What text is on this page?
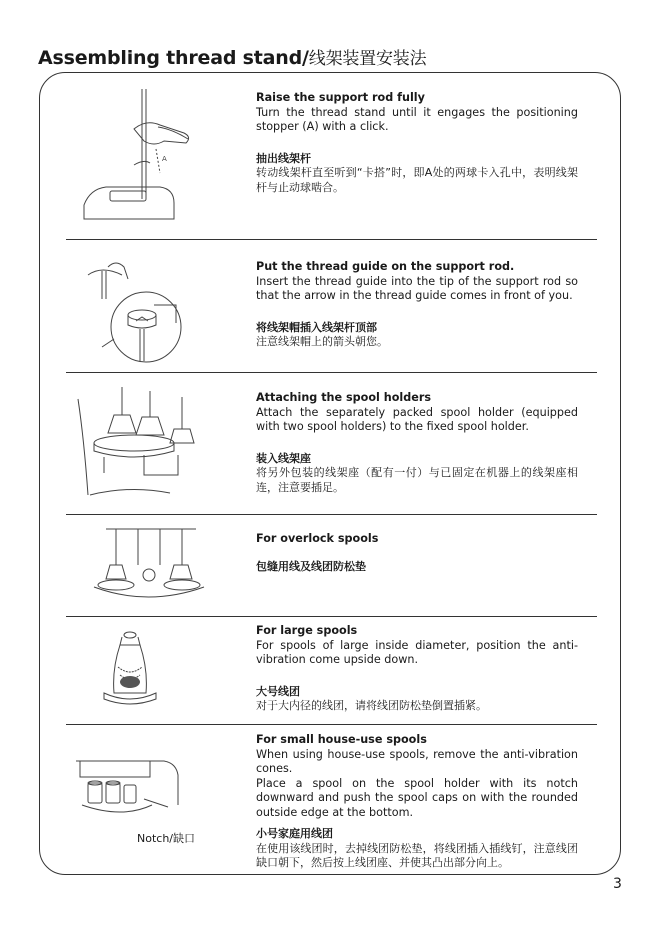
Assembling thread stand/线架装置安装法
A

Raise the support rod fully

Turn the thread stand until it engages the positioning stopper (A) with a click.

抽出线架杆

转动线架杆直至听到“卡搭”时，即A处的两球卡入孔中，表明线架杆与止动球啮合。

Put the thread guide on the support rod.

Insert the thread guide into the tip of the support rod so that the arrow in the thread guide comes in front of you.

将线架帽插入线架杆顶部

注意线架帽上的箭头朝您。

Attaching the spool holders

Attach the separately packed spool holder (equipped with two spool holders) to the fixed spool holder.

装入线架座

将另外包装的线架座（配有一付）与已固定在机器上的线架座相连，注意要插足。

For overlock spools

包缝用线及线团防松垫

For large spools

For spools of large inside diameter, position the anti-vibration come upside down.

大号线团

对于大内径的线团，请将线团防松垫倒置插紧。

For small house-use spools

When using house-use spools, remove the anti-vibration cones.

Place a spool on the spool holder with its notch downward and push the spool caps on with the rounded outside edge at the bottom.

小号家庭用线团

在使用该线团时，去掉线团防松垫，将线团插入插线钉，注意线团缺口朝下，然后按上线团座、并使其凸出部分向上。

Notch/缺口
3
